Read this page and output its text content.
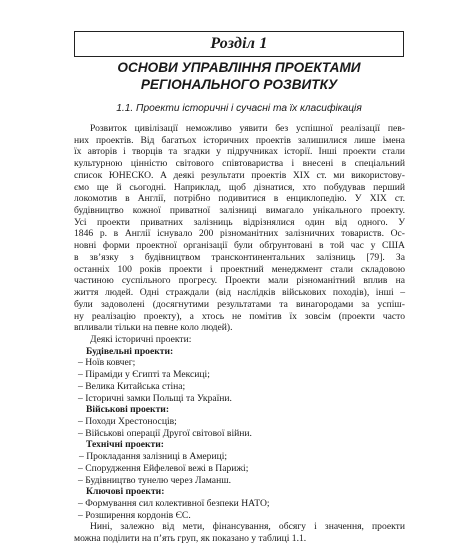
Розділ 1
ОСНОВИ УПРАВЛІННЯ ПРОЕКТАМИ
РЕГІОНАЛЬНОГО РОЗВИТКУ
1.1. Проекти історичні і сучасні та їх класифікація
Розвиток цивілізації неможливо уявити без успішної реалізації пев-
них проектів. Від багатьох історичних проектів залишилися лише імена
їх авторів і творців та згадки у підручниках історії. Інші проекти стали
культурною цінністю світового співтовариства і внесені в спеціальний
список ЮНЕСКО. А деякі результати проектів XIX ст. ми використову-
ємо ще й сьогодні. Наприклад, щоб дізнатися, хто побудував перший
локомотив в Англії, потрібно подивитися в енциклопедію. У XIX ст.
будівництво кожної приватної залізниці вимагало унікального проекту.
Усі проекти приватних залізниць відрізнялися один від одного. У
1846 р. в Англії існувало 200 різноманітних залізничних товариств. Ос-
новні форми проектної організації були обґрунтовані в той час у США
в зв’язку з будівництвом трансконтинентальних залізниць [79]. За
останніх 100 років проекти і проектний менеджмент стали складовою
частиною суспільного прогресу. Проекти мали різноманітний вплив на
життя людей. Одні страждали (від наслідків військових походів), інші –
були задоволені (досягнутими результатами та винагородами за успіш-
ну реалізацію проекту), а хтось не помітив їх зовсім (проекти часто
впливали тільки на певне коло людей).

Деякі історичні проекти:

Будівельні проекти:

– Ноїв ковчег;

– Піраміди у Єгипті та Мексиці;

– Велика Китайська стіна;

– Історичні замки Польщі та України.

Військові проекти:

– Походи Хрестоносців;

– Військові операції Другої світової війни.

Технічні проекти:

– Прокладання залізниці в Америці;

– Спорудження Ейфелевої вежі в Парижі;

– Будівництво тунелю через Ламанш.

Ключові проекти:

– Формування сил колективної безпеки НАТО;

– Розширення кордонів ЄС.

Нині, залежно від мети, фінансування, обсягу і значення, проекти
можна поділити на п’ять груп, як показано у таблиці 1.1.
